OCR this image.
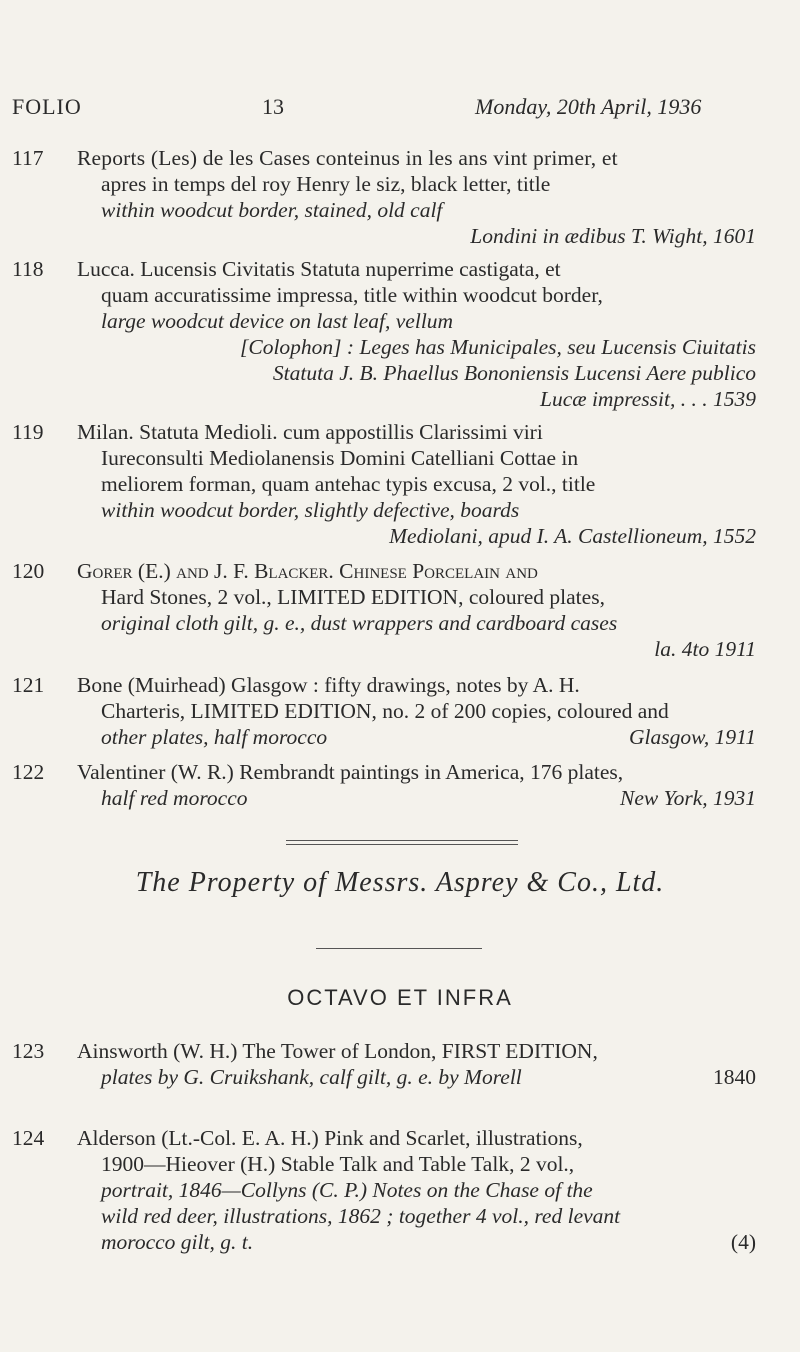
FOLIO	13	Monday, 20th April, 1936
117	Reports (Les) de les Cases conteinus in les ans vint primer, et
apres in temps del roy Henry le siz, black letter, title
within woodcut border, stained, old calf
Londini in ædibus T. Wight, 1601
118	Lucca. Lucensis Civitatis Statuta nuperrime castigata, et
quam accuratissime impressa, title within woodcut border,
large woodcut device on last leaf, vellum
[Colophon] : Leges has Municipales, seu Lucensis Ciuitatis
Statuta J. B. Phaellus Bononiensis Lucensi Aere publico
Lucæ impressit, . . . 1539
119	Milan. Statuta Medioli. cum appostillis Clarissimi viri
Iureconsulti Mediolanensis Domini Catelliani Cottae in
meliorem forman, quam antehac typis excusa, 2 vol., title
within woodcut border, slightly defective, boards
Mediolani, apud I. A. Castellioneum, 1552
120	Gorer (E.) and J. F. Blacker. Chinese Porcelain and
Hard Stones, 2 vol., LIMITED EDITION, coloured plates,
original cloth gilt, g. e., dust wrappers and cardboard cases
la. 4to 1911
121	Bone (Muirhead) Glasgow : fifty drawings, notes by A. H.
Charteris, LIMITED EDITION, no. 2 of 200 copies, coloured and
other plates, half morocco	Glasgow, 1911
122	Valentiner (W. R.) Rembrandt paintings in America, 176 plates,
half red morocco	New York, 1931
The Property of Messrs. Asprey & Co., Ltd.
OCTAVO ET INFRA
123	Ainsworth (W. H.) The Tower of London, FIRST EDITION,
plates by G. Cruikshank, calf gilt, g. e. by Morell	1840
124	Alderson (Lt.-Col. E. A. H.) Pink and Scarlet, illustrations,
1900—Hieover (H.) Stable Talk and Table Talk, 2 vol.,
portrait, 1846—Collyns (C. P.) Notes on the Chase of the
wild red deer, illustrations, 1862 ; together 4 vol., red levant
morocco gilt, g. t.	(4)
